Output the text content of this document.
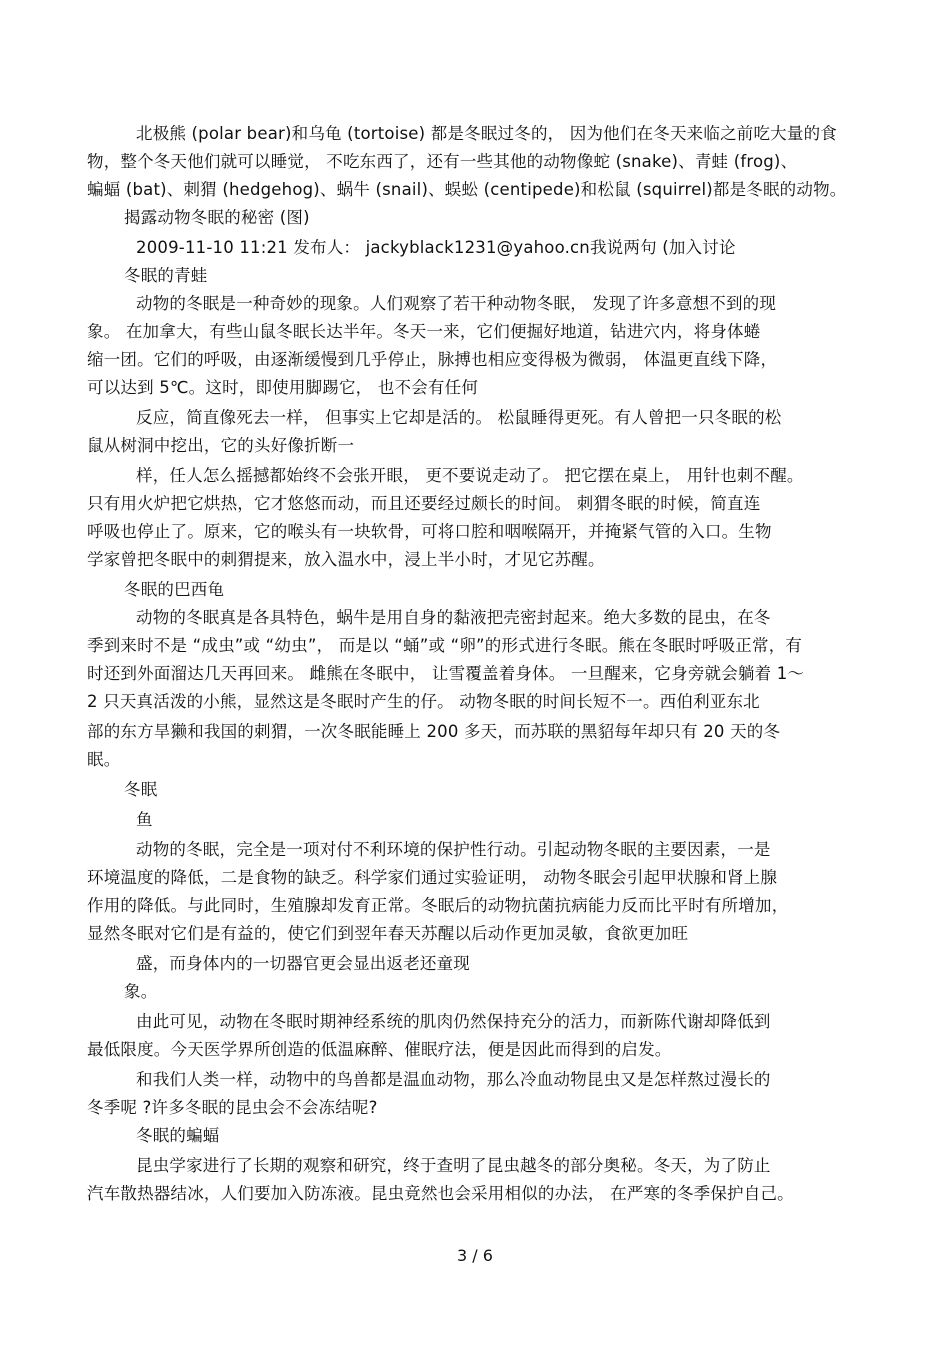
北极熊 (polar bear)和乌龟 (tortoise) 都是冬眠过冬的， 因为他们在冬天来临之前吃大量的食
物，整个冬天他们就可以睡觉， 不吃东西了，还有一些其他的动物像蛇 (snake)、青蛙 (frog)、
蝙蝠 (bat)、刺猬 (hedgehog)、蜗牛 (snail)、蜈蚣 (centipede)和松鼠 (squirrel)都是冬眠的动物。
揭露动物冬眠的秘密 (图)
2009-11-10 11:21 发布人： jackyblack1231@yahoo.cn我说两句 (加入讨论
冬眠的青蛙
动物的冬眠是一种奇妙的现象。人们观察了若干种动物冬眠， 发现了许多意想不到的现
象。 在加拿大，有些山鼠冬眠长达半年。冬天一来，它们便掘好地道，钻进穴内，将身体蜷
缩一团。它们的呼吸，由逐渐缓慢到几乎停止，脉搏也相应变得极为微弱， 体温更直线下降，
可以达到 5℃。这时，即使用脚踢它， 也不会有任何
反应，简直像死去一样， 但事实上它却是活的。 松鼠睡得更死。有人曾把一只冬眠的松
鼠从树洞中挖出，它的头好像折断一
样，任人怎么摇撼都始终不会张开眼， 更不要说走动了。 把它摆在桌上， 用针也刺不醒。
只有用火炉把它烘热，它才悠悠而动，而且还要经过颇长的时间。 刺猬冬眠的时候，简直连
呼吸也停止了。原来，它的喉头有一块软骨，可将口腔和咽喉隔开，并掩紧气管的入口。生物
学家曾把冬眠中的刺猬提来，放入温水中，浸上半小时，才见它苏醒。
冬眠的巴西龟
动物的冬眠真是各具特色，蜗牛是用自身的黏液把壳密封起来。绝大多数的昆虫，在冬
季到来时不是 “成虫”或 “幼虫”， 而是以 “蛹”或 “卵”的形式进行冬眠。熊在冬眠时呼吸正常，有
时还到外面溜达几天再回来。 雌熊在冬眠中， 让雪覆盖着身体。 一旦醒来，它身旁就会躺着 1～
2 只天真活泼的小熊，显然这是冬眠时产生的仔。 动物冬眠的时间长短不一。西伯利亚东北
部的东方旱獭和我国的刺猬，一次冬眠能睡上 200 多天，而苏联的黑貂每年却只有 20 天的冬
眠。
冬眠
鱼
动物的冬眠，完全是一项对付不利环境的保护性行动。引起动物冬眠的主要因素，一是
环境温度的降低，二是食物的缺乏。科学家们通过实验证明， 动物冬眠会引起甲状腺和肾上腺
作用的降低。与此同时，生殖腺却发育正常。冬眠后的动物抗菌抗病能力反而比平时有所增加，
显然冬眠对它们是有益的，使它们到翌年春天苏醒以后动作更加灵敏，食欲更加旺
盛，而身体内的一切器官更会显出返老还童现
象。
由此可见，动物在冬眠时期神经系统的肌肉仍然保持充分的活力，而新陈代谢却降低到
最低限度。今天医学界所创造的低温麻醉、催眠疗法，便是因此而得到的启发。
和我们人类一样，动物中的鸟兽都是温血动物，那么冷血动物昆虫又是怎样熬过漫长的
冬季呢 ?许多冬眠的昆虫会不会冻结呢?
冬眠的蝙蝠
昆虫学家进行了长期的观察和研究，终于查明了昆虫越冬的部分奥秘。冬天，为了防止
汽车散热器结冰，人们要加入防冻液。昆虫竟然也会采用相似的办法， 在严寒的冬季保护自己。
3 / 6
